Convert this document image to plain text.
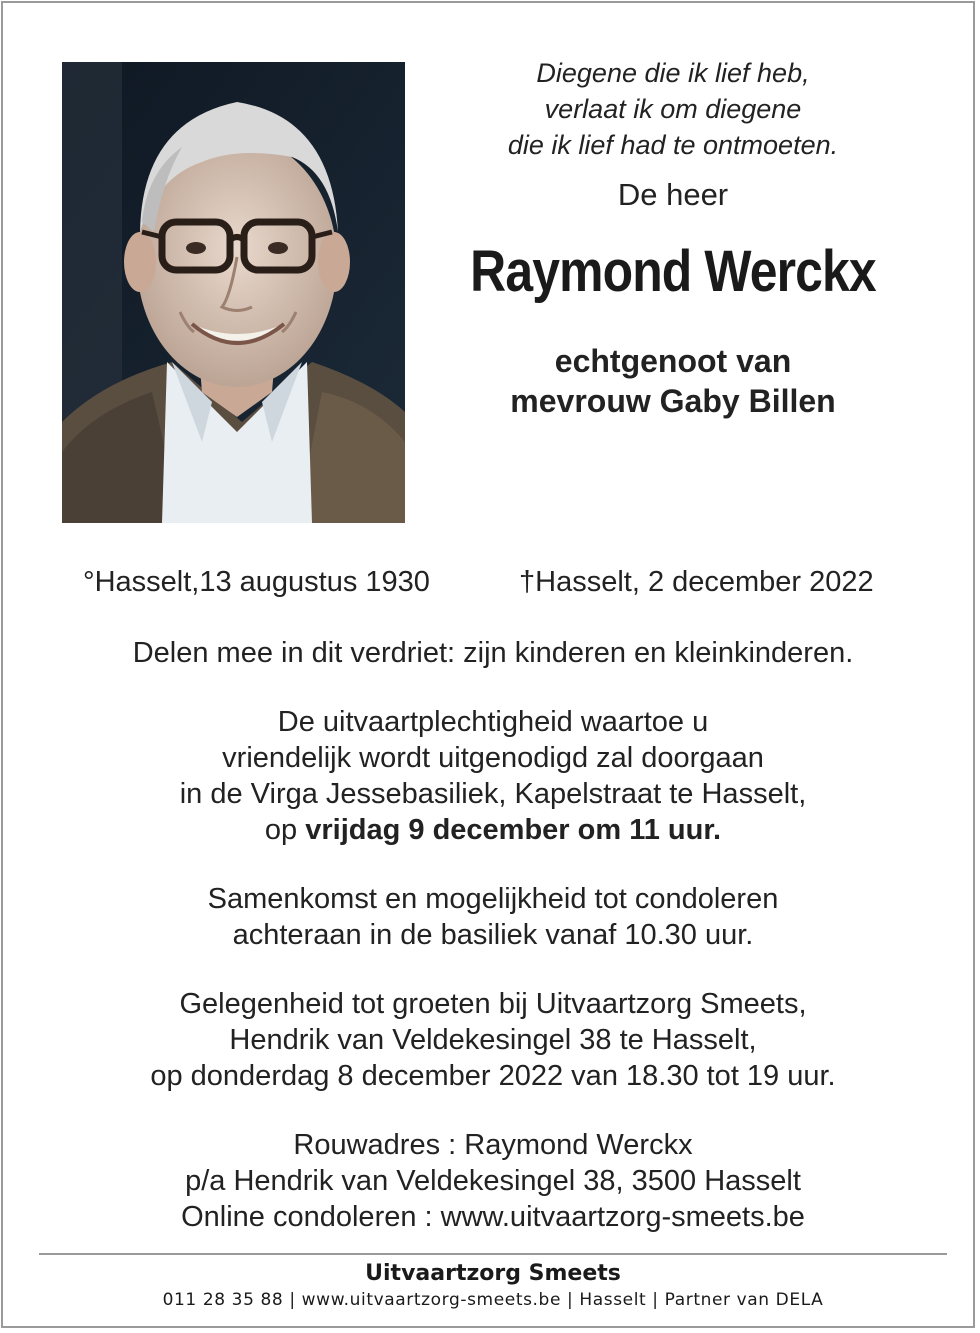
Diegene die ik lief heb,
verlaat ik om diegene
die ik lief had te ontmoeten.
De heer
Raymond Werckx
echtgenoot van
mevrouw Gaby Billen
°Hasselt,13 augustus 1930	†Hasselt, 2 december 2022
Delen mee in dit verdriet: zijn kinderen en kleinkinderen.
De uitvaartplechtigheid waartoe u
vriendelijk wordt uitgenodigd zal doorgaan
in de Virga Jessebasiliek, Kapelstraat te Hasselt,
op vrijdag 9 december om 11 uur.
Samenkomst en mogelijkheid tot condoleren
achteraan in de basiliek vanaf 10.30 uur.
Gelegenheid tot groeten bij Uitvaartzorg Smeets,
Hendrik van Veldekesingel 38 te Hasselt,
op donderdag 8 december 2022 van 18.30 tot 19 uur.
Rouwadres : Raymond Werckx
p/a Hendrik van Veldekesingel 38, 3500 Hasselt
Online condoleren : www.uitvaartzorg-smeets.be
Uitvaartzorg Smeets
011 28 35 88 | www.uitvaartzorg-smeets.be | Hasselt | Partner van DELA
